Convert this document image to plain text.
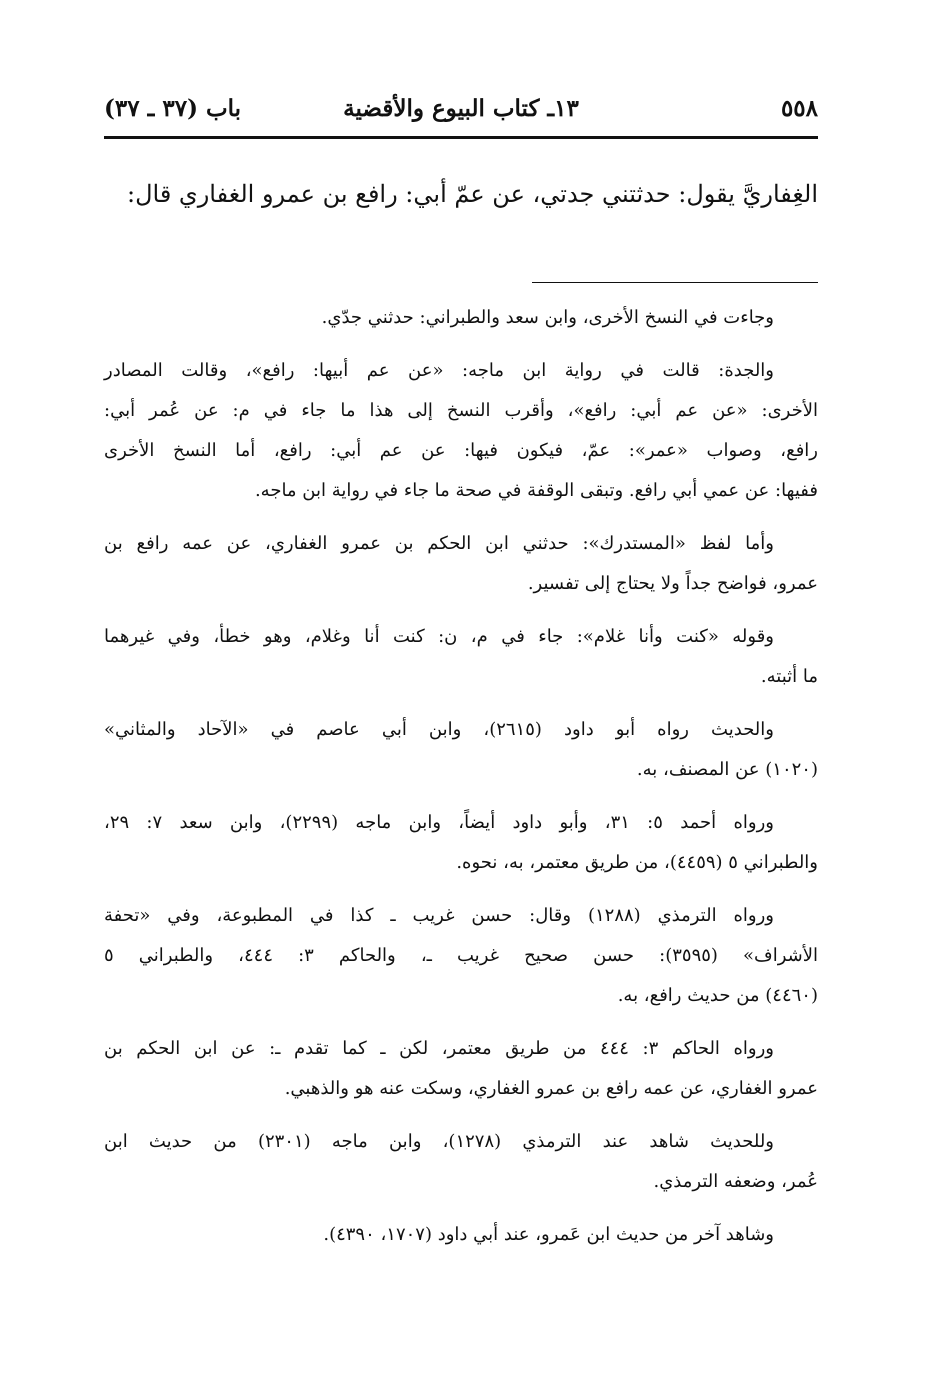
٥٥٨
١٣ـ كتاب البيوع والأقضية
باب (٣٧ ـ ٣٧)
الغِفاريَّ يقول: حدثتني جدتي، عن عمّ أبي: رافع بن عمرو الغفاري قال:
وجاءت في النسخ الأخرى، وابن سعد والطبراني: حدثني جدّي.
والجدة: قالت في رواية ابن ماجه: «عن عم أبيها: رافع»، وقالت المصادر
الأخرى: «عن عم أبي: رافع»، وأقرب النسخ إلى هذا ما جاء في م: عن عُمر أبي:
رافع، وصواب «عمر»: عمّ، فيكون فيها: عن عم أبي: رافع، أما النسخ الأخرى
ففيها: عن عمي أبي رافع. وتبقى الوقفة في صحة ما جاء في رواية ابن ماجه.
وأما لفظ «المستدرك»: حدثني ابن الحكم بن عمرو الغفاري، عن عمه رافع بن
عمرو، فواضح جداً ولا يحتاج إلى تفسير.
وقوله «كنت وأنا غلام»: جاء في م، ن: كنت أنا وغلام، وهو خطأ، وفي غيرهما
ما أثبته.
والحديث رواه أبو داود (٢٦١٥)، وابن أبي عاصم في «الآحاد والمثاني»
(١٠٢٠) عن المصنف، به.
ورواه أحمد ٥: ٣١، وأبو داود أيضاً، وابن ماجه (٢٢٩٩)، وابن سعد ٧: ٢٩،
والطبراني ٥ (٤٤٥٩)، من طريق معتمر، به، نحوه.
ورواه الترمذي (١٢٨٨) وقال: حسن غريب ـ كذا في المطبوعة، وفي «تحفة
الأشراف» (٣٥٩٥): حسن صحيح غريب ـ، والحاكم ٣: ٤٤٤، والطبراني ٥
(٤٤٦٠) من حديث رافع، به.
ورواه الحاكم ٣: ٤٤٤ من طريق معتمر، لكن ـ كما تقدم ـ: عن ابن الحكم بن
عمرو الغفاري، عن عمه رافع بن عمرو الغفاري، وسكت عنه هو والذهبي.
وللحديث شاهد عند الترمذي (١٢٧٨)، وابن ماجه (٢٣٠١) من حديث ابن
عُمر، وضعفه الترمذي.
وشاهد آخر من حديث ابن عَمرو، عند أبي داود (١٧٠٧، ٤٣٩٠).
